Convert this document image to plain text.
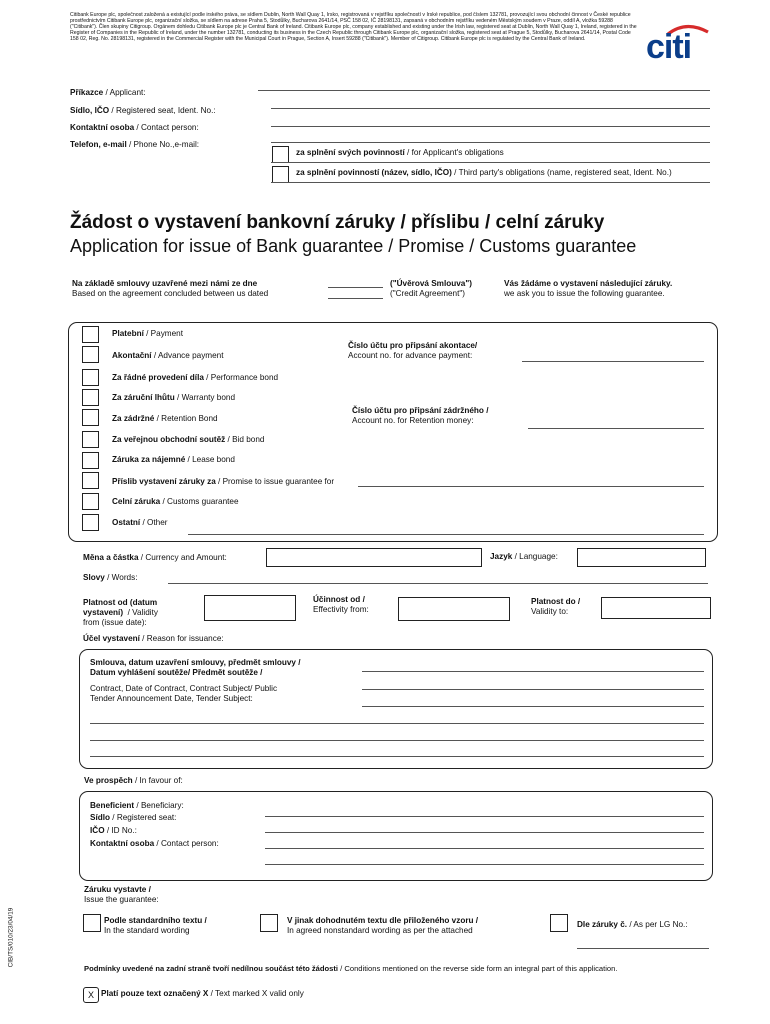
Citibank Europe plc, společnost založená a existující podle irského práva, se sídlem Dublin, North Wall Quay 1, Irsko, registrovaná v rejstříku společností v Irské republice, pod číslem 132781, provozující svou obchodní činnost v České republice prostřednictvím Citibank Europe plc, organizační složka, se sídlem na adrese Praha 5, Stodůlky, Bucharova 2641/14, PSČ 158 02, IČ 28198131, zapsaná v obchodním rejstříku vedeném Městským soudem v Praze, oddíl A, vložka 59288 ("Citibank"). Člen skupiny Citigroup. Orgánem dohledu Citibank Europe plc je Central Bank of Ireland. Citibank Europe plc, company established and existing under the Irish law, registered seat at Dublin, North Wall Quay 1, Ireland, registered in the Register of Companies in the Republic of Ireland, under the number 132781, conducting its business in the Czech Republic through Citibank Europe plc, organizační složka, registered seat at Prague 5, Stodůlky, Bucharova 2641/14, Postal Code 158 02, Reg. No. 28198131, registered in the Commercial Register with the Municipal Court in Prague, Section A, Insert 59288 ("Citibank"). Member of Citigroup. Citibank Europe plc is regulated by the Central Bank of Ireland.	citi
Příkazce / Applicant:
Sídlo, IČO / Registered seat, Ident. No.:
Kontaktní osoba / Contact person:
Telefon, e-mail / Phone No.,e-mail:
za splnění svých povinností / for Applicant's obligations
za splnění povinností (název, sídlo, IČO) / Third party's obligations (name, registered seat, Ident. No.)
Žádost o vystavení bankovní záruky / příslibu / celní záruky
Application for issue of Bank guarantee / Promise / Customs guarantee
Na základě smlouvy uzavřené mezi námi ze dne
Based on the agreement concluded between us dated
("Úvěrová Smlouva")
("Credit Agreement")
Vás žádáme o vystavení následující záruky.
we ask you to issue the following guarantee.
Platební / Payment
Akontační / Advance payment
Za řádné provedení díla / Performance bond
Za záruční lhůtu / Warranty bond
Za zádržné / Retention Bond
Za veřejnou obchodní soutěž / Bid bond
Záruka za nájemné / Lease bond
Příslib vystavení záruky za / Promise to issue guarantee for
Celní záruka / Customs guarantee
Ostatní / Other
Číslo účtu pro připsání akontace/
Account no. for advance payment:
Číslo účtu pro připsání zádržného /
Account no. for Retention money:
Měna a částka / Currency and Amount:	Jazyk / Language:
Slovy / Words:
Platnost od (datum
vystavení) / Validity
from (issue date):
Účinnost od /
Effectivity from:
Platnost do /
Validity to:
Účel vystavení / Reason for issuance:
Smlouva, datum uzavření smlouvy, předmět smlouvy /
Datum vyhlášení soutěže/ Předmět soutěže /
Contract, Date of Contract, Contract Subject/ Public
Tender Announcement Date, Tender Subject:
Ve prospěch / In favour of:
Beneficient / Beneficiary:
Sídlo / Registered seat:
IČO / ID No.:
Kontaktní osoba / Contact person:
Záruku vystavte /
Issue the guarantee:
Podle standardního textu /
In the standard wording
V jinak dohodnutém textu dle přiloženého vzoru /
In agreed nonstandard wording as per the attached
Dle záruky č. / As per LG No.:
Podmínky uvedené na zadní straně tvoří nedílnou součást této žádosti / Conditions mentioned on the reverse side form an integral part of this application.
X Platí pouze text označený X / Text marked X valid only
CIB/TS/010/23/04/19
